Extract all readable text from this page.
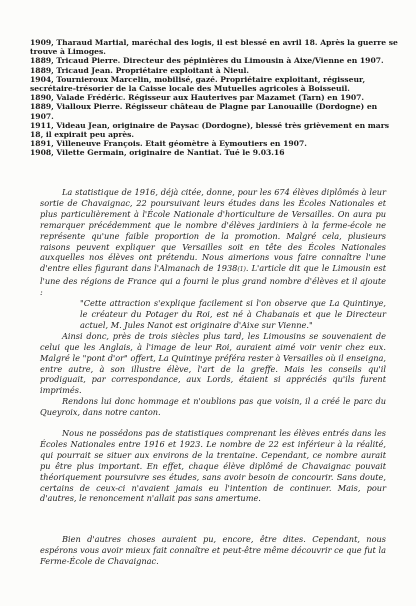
1909, Tharaud Martial, maréchal des logis, il est blessé en avril 18. Après la guerre se trouve à Limoges.

1889, Tricaud Pierre. Directeur des pépinières du Limousin à Aixe/Vienne en 1907.

1889, Tricaud Jean. Propriétaire exploitant à Nieul.

1904, Tournieroux Marcelin, mobilisé, gazé. Propriétaire exploitant, régisseur, secrétaire-trésorier de la Caisse locale des Mutuelles agricoles à Boisseuil.

1890, Valade Frédéric. Régisseur aux Hauterives par Mazamet (Tarn) en 1907.

1889, Vialloux Pierre. Régisseur château de Plagne par Lanouaille (Dordogne) en 1907.

1911, Videau Jean, originaire de Paysac (Dordogne), blessé très grièvement en mars 18, il expirait peu après.

1891, Villeneuve François. Etait géomètre à Eymoutiers en 1907.

1908, Vilette Germain, originaire de Nantiat. Tué le 9.03.16

La statistique de 1916, déjà citée, donne, pour les 674 élèves diplômés à leur sortie de Chavaignac, 22 poursuivant leurs études dans les Écoles Nationales et plus particulièrement à l'École Nationale d'horticulture de Versailles. On aura pu remarquer précédemment que le nombre d'élèves jardiniers à la ferme-école ne représente qu'une faible proportion de la promotion. Malgré cela, plusieurs raisons peuvent expliquer que Versailles soit en tête des Écoles Nationales auxquelles nos élèves ont prétendu. Nous aimerions vous faire connaître l'une d'entre elles figurant dans l'Almanach de 1938(1). L'article dit que le Limousin est l'une des régions de France qui a fourni le plus grand nombre d'élèves et il ajoute :

"Cette attraction s'explique facilement si l'on observe que La Quintinye, le créateur du Potager du Roi, est né à Chabanais et que le Directeur actuel, M. Jules Nanot est originaire d'Aixe sur Vienne."

Ainsi donc, près de trois siècles plus tard, les Limousins se souvenaient de celui que les Anglais, à l'image de leur Roi, auraient aimé voir venir chez eux. Malgré le "pont d'or" offert, La Quintinye préféra rester à Versailles où il enseigna, entre autre, à son illustre élève, l'art de la greffe. Mais les conseils qu'il prodiguait, par correspondance, aux Lords, étaient si appréciés qu'ils furent imprimés.

Rendons lui donc hommage et n'oublions pas que voisin, il a créé le parc du Queyroix, dans notre canton.

Nous ne possédons pas de statistiques comprenant les élèves entrés dans les Écoles Nationales entre 1916 et 1923. Le nombre de 22 est inférieur à la réalité, qui pourrait se situer aux environs de la trentaine. Cependant, ce nombre aurait pu être plus important. En effet, chaque élève diplômé de Chavaignac pouvait théoriquement poursuivre ses études, sans avoir besoin de concourir. Sans doute, certains de ceux-ci n'avaient jamais eu l'intention de continuer. Mais, pour d'autres, le renoncement n'allait pas sans amertume.

Bien d'autres choses auraient pu, encore, être dites. Cependant, nous espérons vous avoir mieux fait connaître et peut-être même découvrir ce que fut la Ferme-École de Chavaignac.
